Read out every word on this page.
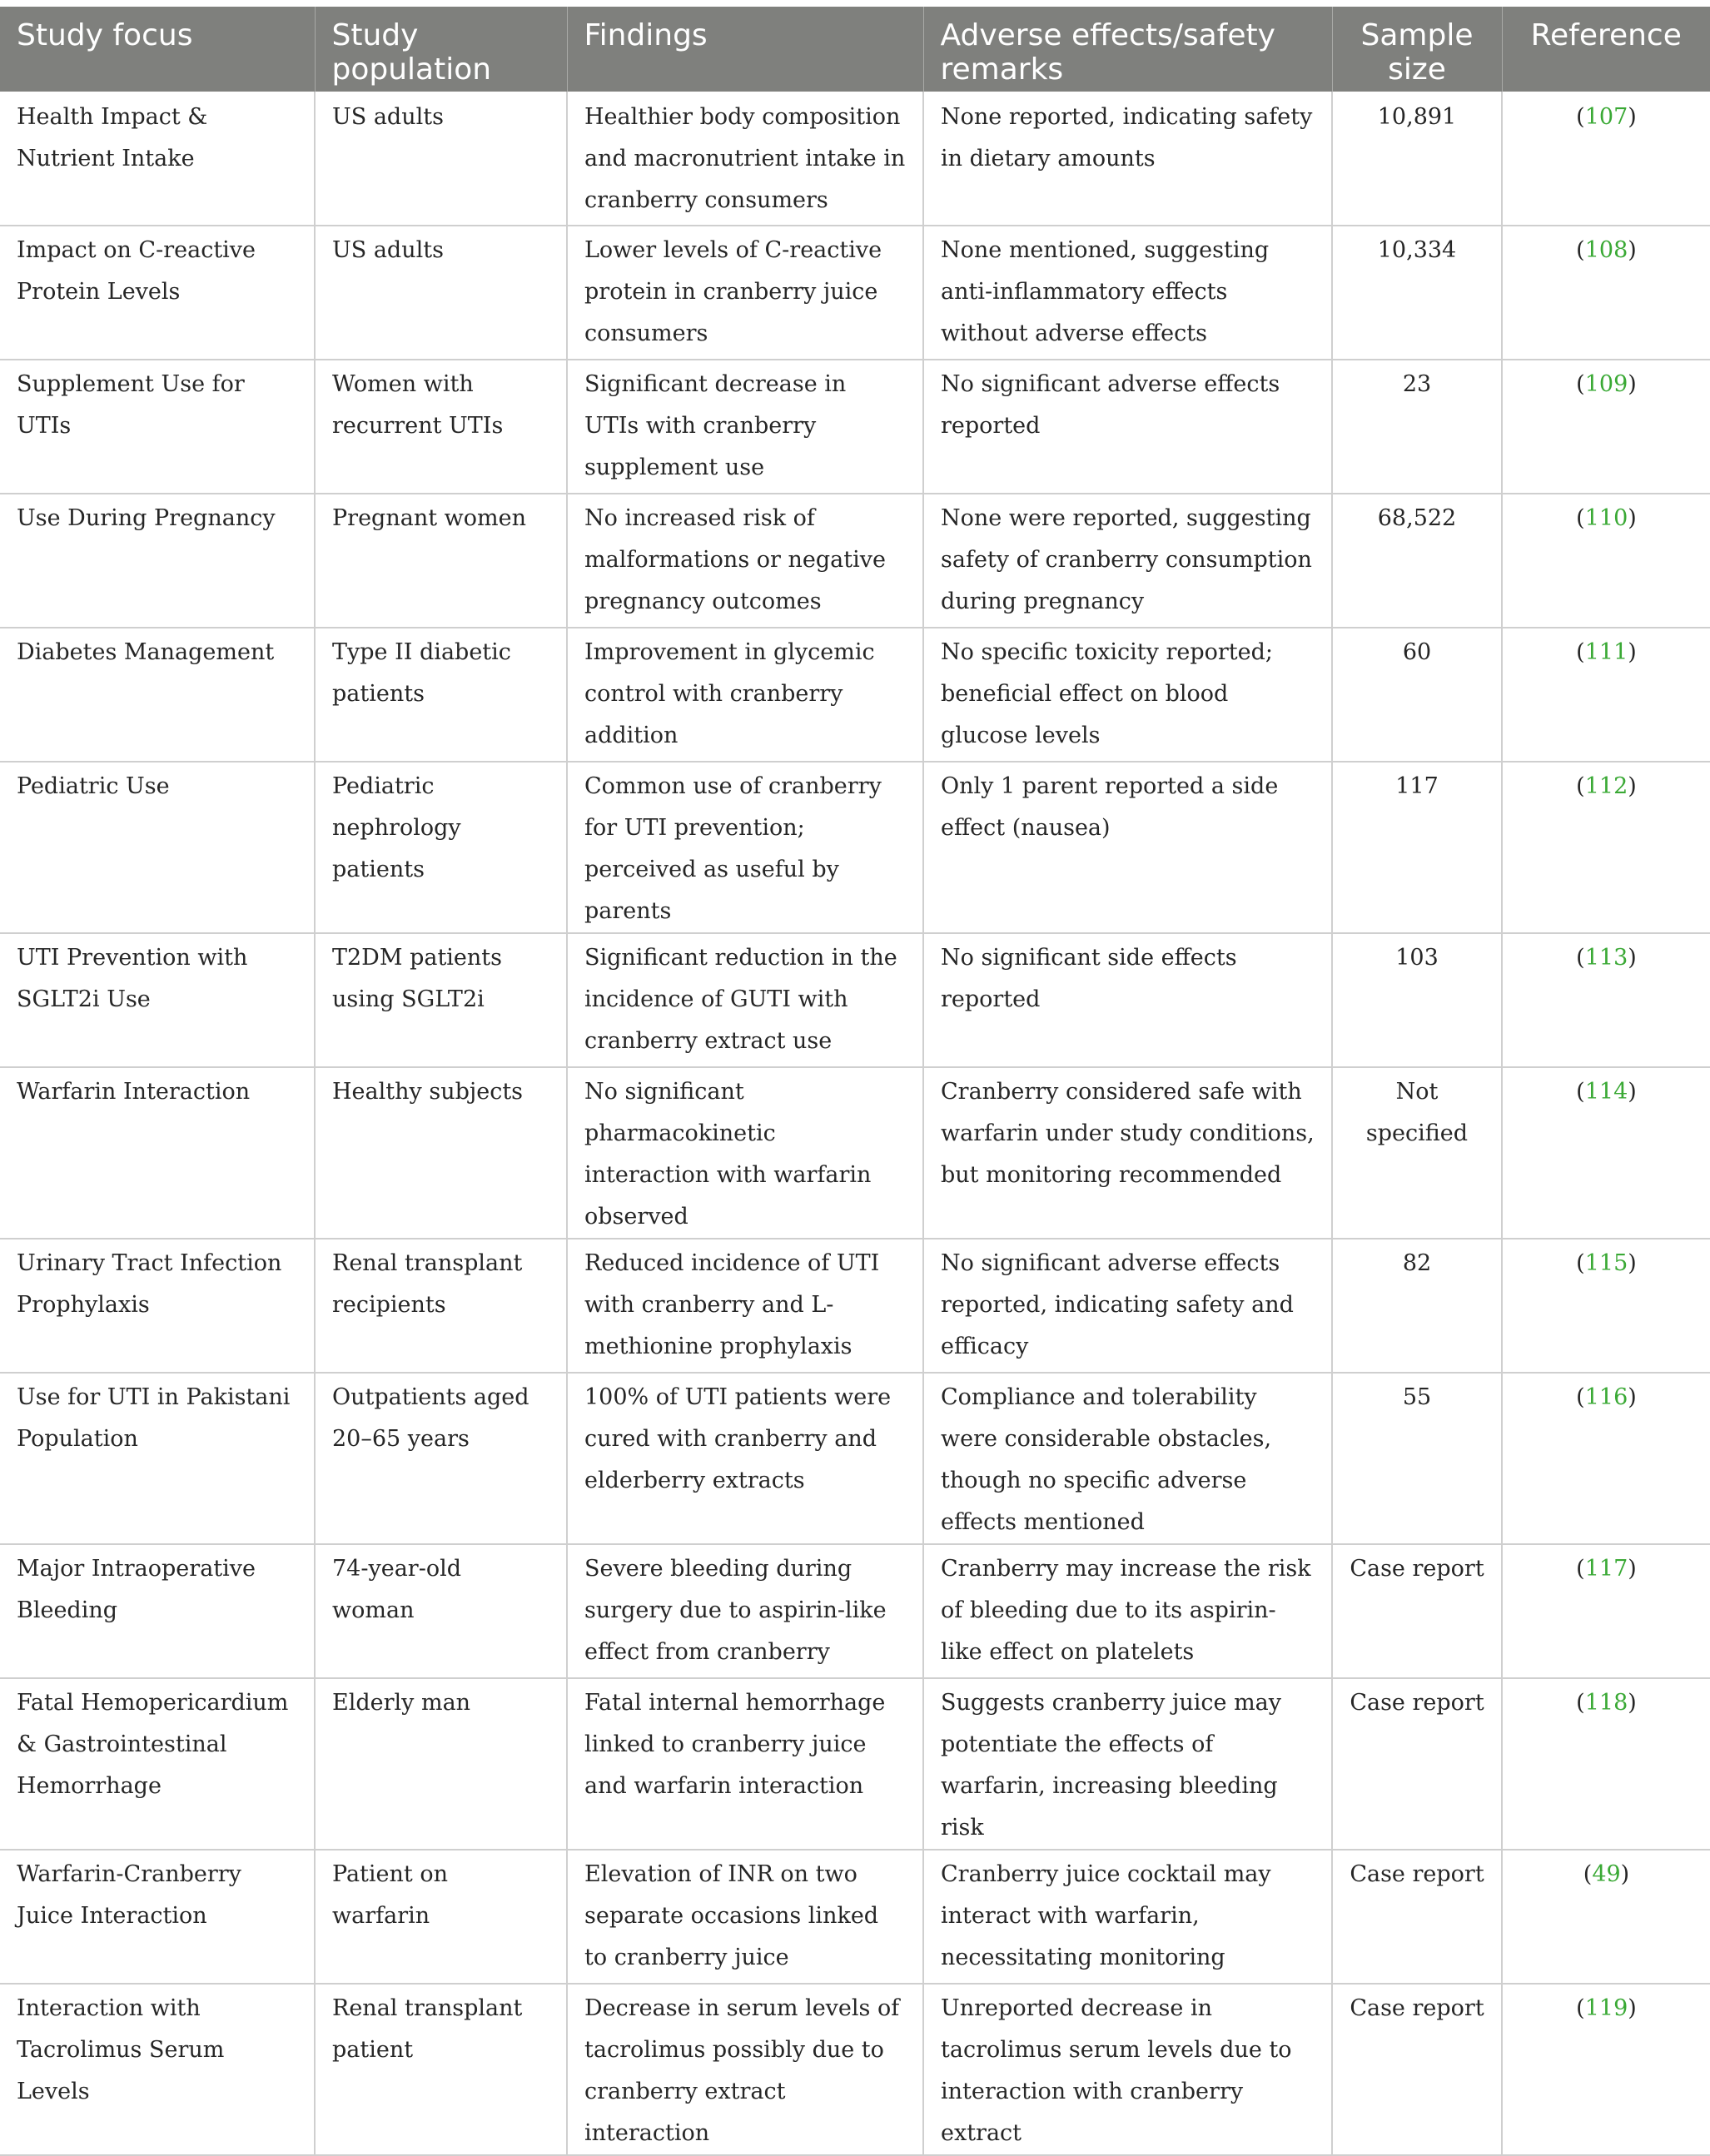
Study focus	Study population	Findings	Adverse effects/safety remarks	Sample size	Reference
Health Impact & Nutrient Intake	US adults	Healthier body composition and macronutrient intake in cranberry consumers	None reported, indicating safety in dietary amounts	10,891	(107)
Impact on C-reactive Protein Levels	US adults	Lower levels of C-reactive protein in cranberry juice consumers	None mentioned, suggesting anti-inflammatory effects without adverse effects	10,334	(108)
Supplement Use for UTIs	Women with recurrent UTIs	Significant decrease in UTIs with cranberry supplement use	No significant adverse effects reported	23	(109)
Use During Pregnancy	Pregnant women	No increased risk of malformations or negative pregnancy outcomes	None were reported, suggesting safety of cranberry consumption during pregnancy	68,522	(110)
Diabetes Management	Type II diabetic patients	Improvement in glycemic control with cranberry addition	No specific toxicity reported; beneficial effect on blood glucose levels	60	(111)
Pediatric Use	Pediatric nephrology patients	Common use of cranberry for UTI prevention; perceived as useful by parents	Only 1 parent reported a side effect (nausea)	117	(112)
UTI Prevention with SGLT2i Use	T2DM patients using SGLT2i	Significant reduction in the incidence of GUTI with cranberry extract use	No significant side effects reported	103	(113)
Warfarin Interaction	Healthy subjects	No significant pharmacokinetic interaction with warfarin observed	Cranberry considered safe with warfarin under study conditions, but monitoring recommended	Not specified	(114)
Urinary Tract Infection Prophylaxis	Renal transplant recipients	Reduced incidence of UTI with cranberry and L-methionine prophylaxis	No significant adverse effects reported, indicating safety and efficacy	82	(115)
Use for UTI in Pakistani Population	Outpatients aged 20–65 years	100% of UTI patients were cured with cranberry and elderberry extracts	Compliance and tolerability were considerable obstacles, though no specific adverse effects mentioned	55	(116)
Major Intraoperative Bleeding	74-year-old woman	Severe bleeding during surgery due to aspirin-like effect from cranberry	Cranberry may increase the risk of bleeding due to its aspirin-like effect on platelets	Case report	(117)
Fatal Hemopericardium & Gastrointestinal Hemorrhage	Elderly man	Fatal internal hemorrhage linked to cranberry juice and warfarin interaction	Suggests cranberry juice may potentiate the effects of warfarin, increasing bleeding risk	Case report	(118)
Warfarin-Cranberry Juice Interaction	Patient on warfarin	Elevation of INR on two separate occasions linked to cranberry juice	Cranberry juice cocktail may interact with warfarin, necessitating monitoring	Case report	(49)
Interaction with Tacrolimus Serum Levels	Renal transplant patient	Decrease in serum levels of tacrolimus possibly due to cranberry extract interaction	Unreported decrease in tacrolimus serum levels due to interaction with cranberry extract	Case report	(119)
